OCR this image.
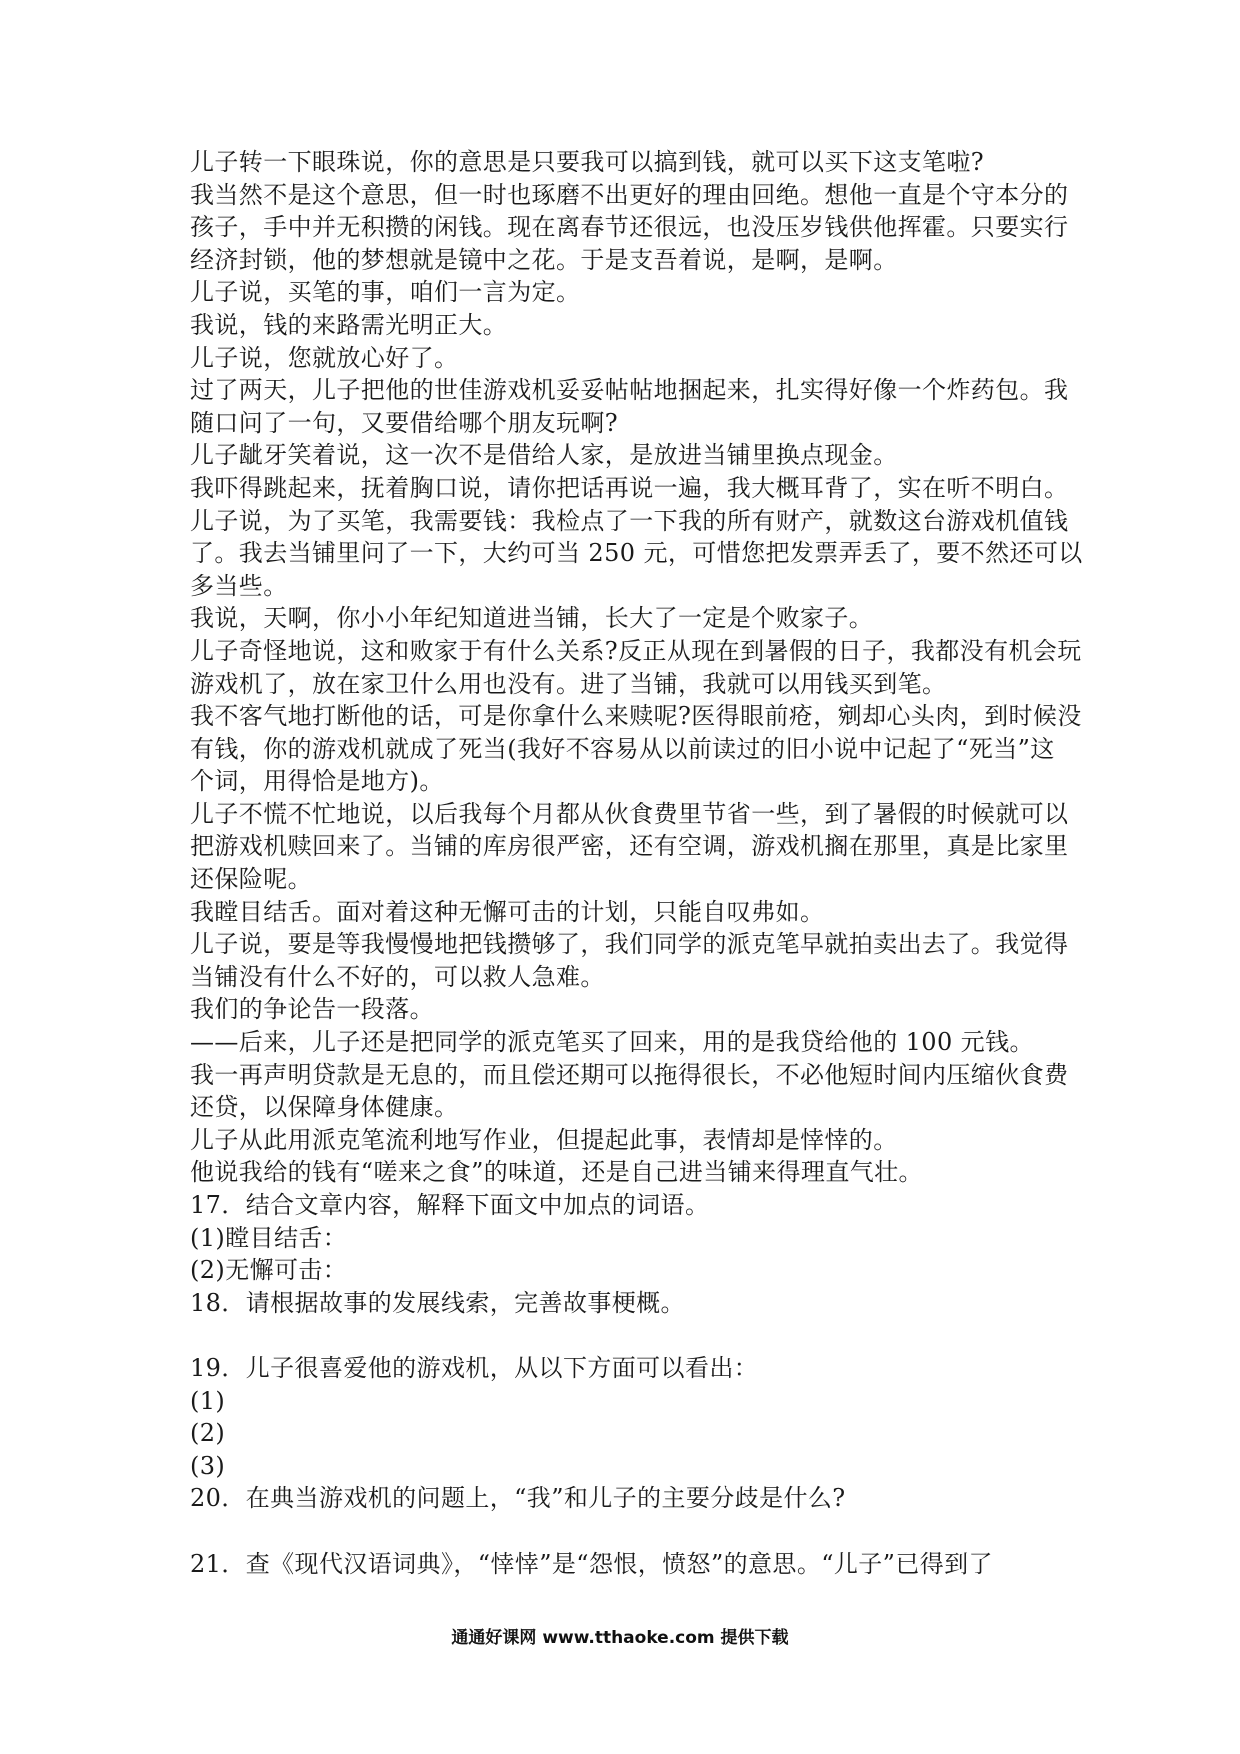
儿子转一下眼珠说，你的意思是只要我可以搞到钱，就可以买下这支笔啦?
我当然不是这个意思，但一时也琢磨不出更好的理由回绝。想他一直是个守本分的
孩子，手中并无积攒的闲钱。现在离春节还很远，也没压岁钱供他挥霍。只要实行
经济封锁，他的梦想就是镜中之花。于是支吾着说，是啊，是啊。
儿子说，买笔的事，咱们一言为定。
我说，钱的来路需光明正大。
儿子说，您就放心好了。
过了两天，儿子把他的世佳游戏机妥妥帖帖地捆起来，扎实得好像一个炸药包。我
随口问了一句，又要借给哪个朋友玩啊?
儿子龇牙笑着说，这一次不是借给人家，是放进当铺里换点现金。
我吓得跳起来，抚着胸口说，请你把话再说一遍，我大概耳背了，实在听不明白。
儿子说，为了买笔，我需要钱：我检点了一下我的所有财产，就数这台游戏机值钱
了。我去当铺里问了一下，大约可当 250 元，可惜您把发票弄丢了，要不然还可以
多当些。
我说，天啊，你小小年纪知道进当铺，长大了一定是个败家子。
儿子奇怪地说，这和败家于有什么关系?反正从现在到暑假的日子，我都没有机会玩
游戏机了，放在家卫什么用也没有。进了当铺，我就可以用钱买到笔。
我不客气地打断他的话，可是你拿什么来赎呢?医得眼前疮，剜却心头肉，到时候没
有钱，你的游戏机就成了死当(我好不容易从以前读过的旧小说中记起了“死当”这
个词，用得恰是地方)。
儿子不慌不忙地说，以后我每个月都从伙食费里节省一些，到了暑假的时候就可以
把游戏机赎回来了。当铺的库房很严密，还有空调，游戏机搁在那里，真是比家里
还保险呢。
我瞠目结舌。面对着这种无懈可击的计划，只能自叹弗如。
儿子说，要是等我慢慢地把钱攒够了，我们同学的派克笔早就拍卖出去了。我觉得
当铺没有什么不好的，可以救人急难。
我们的争论告一段落。
——后来，儿子还是把同学的派克笔买了回来，用的是我贷给他的 100 元钱。
我一再声明贷款是无息的，而且偿还期可以拖得很长，不必他短时间内压缩伙食费
还贷，以保障身体健康。
儿子从此用派克笔流利地写作业，但提起此事，表情却是悻悻的。
他说我给的钱有“嗟来之食”的味道，还是自己进当铺来得理直气壮。
17．结合文章内容，解释下面文中加点的词语。
(1)瞠目结舌：
(2)无懈可击：
18．请根据故事的发展线索，完善故事梗概。
19．儿子很喜爱他的游戏机，从以下方面可以看出：
(1)
(2)
(3)
20．在典当游戏机的问题上，“我”和儿子的主要分歧是什么?
21．查《现代汉语词典》，“悻悻”是“怨恨，愤怒”的意思。“儿子”已得到了
通通好课网 www.tthaoke.com 提供下载
